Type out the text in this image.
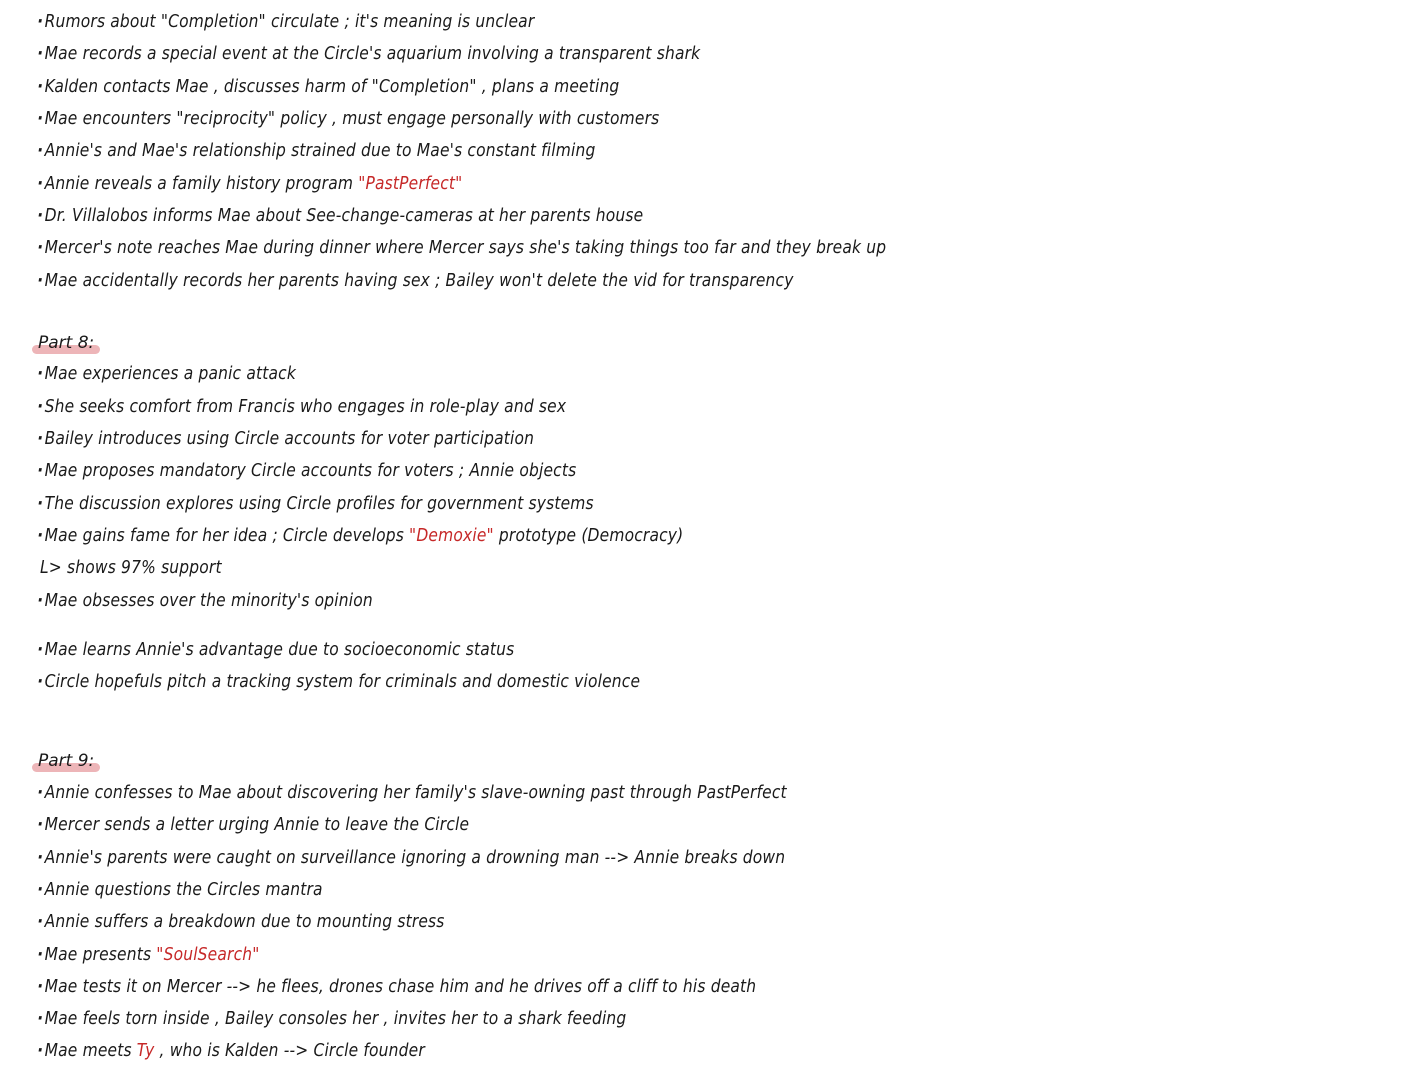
·Rumors about "Completion" circulate ; it's meaning is unclear
·Mae records a special event at the Circle's aquarium involving a transparent shark
·Kalden contacts Mae , discusses harm of "Completion" , plans a meeting
·Mae encounters "reciprocity" policy , must engage personally with customers
·Annie's and Mae's relationship strained due to Mae's constant filming
·Annie reveals a family history program "PastPerfect"
·Dr. Villalobos informs Mae about See-change-cameras at her parents house
·Mercer's note reaches Mae during dinner where Mercer says she's taking things too far and they break up
·Mae accidentally records her parents having sex ; Bailey won't delete the vid for transparency
Part 8:
·Mae experiences a panic attack
·She seeks comfort from Francis who engages in role-play and sex
·Bailey introduces using Circle accounts for voter participation
·Mae proposes mandatory Circle accounts for voters ; Annie objects
·The discussion explores using Circle profiles for government systems
·Mae gains fame for her idea ; Circle develops "Demoxie" prototype (Democracy)
L> shows 97% support
·Mae obsesses over the minority's opinion
·Mae learns Annie's advantage due to socioeconomic status
·Circle hopefuls pitch a tracking system for criminals and domestic violence
Part 9:
·Annie confesses to Mae about discovering her family's slave-owning past through PastPerfect
·Mercer sends a letter urging Annie to leave the Circle
·Annie's parents were caught on surveillance ignoring a drowning man --> Annie breaks down
·Annie questions the Circles mantra
·Annie suffers a breakdown due to mounting stress
·Mae presents "SoulSearch"
·Mae tests it on Mercer --> he flees, drones chase him and he drives off a cliff to his death
·Mae feels torn inside , Bailey consoles her , invites her to a shark feeding
·Mae meets Ty , who is Kalden --> Circle founder
